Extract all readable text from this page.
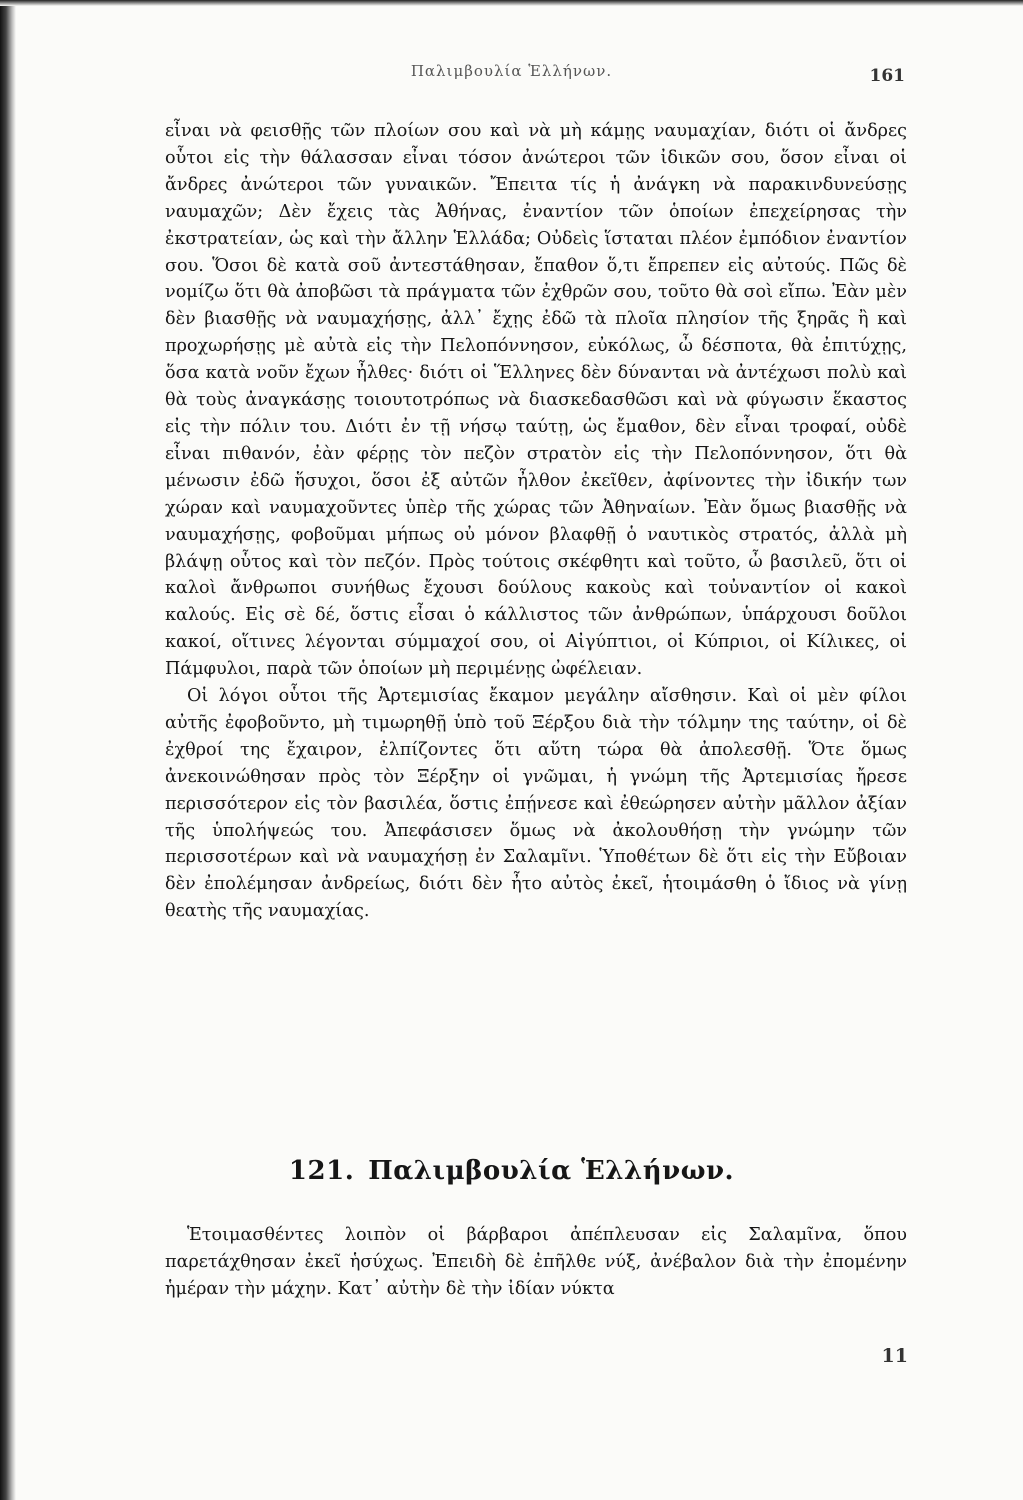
Παλιμβουλία Ἑλλήνων.	161

εἶναι νὰ φεισθῇς τῶν πλοίων σου καὶ νὰ μὴ κάμῃς ναυμαχίαν, διότι οἱ ἄνδρες οὗτοι εἰς τὴν θάλασσαν εἶναι τόσον ἀνώτεροι τῶν ἰδικῶν σου, ὅσον εἶναι οἱ ἄνδρες ἀνώτεροι τῶν γυναικῶν. Ἔπειτα τίς ἡ ἀνάγκη νὰ παρακινδυνεύσῃς ναυμαχῶν; Δὲν ἔχεις τὰς Ἀθήνας, ἐναντίον τῶν ὁποίων ἐπεχείρησας τὴν ἐκστρατείαν, ὡς καὶ τὴν ἄλλην Ἑλλάδα; Οὐδεὶς ἵσταται πλέον ἐμπόδιον ἐναντίον σου. Ὅσοι δὲ κατὰ σοῦ ἀντεστάθησαν, ἔπαθον ὅ,τι ἔπρεπεν εἰς αὐτούς. Πῶς δὲ νομίζω ὅτι θὰ ἀποβῶσι τὰ πράγματα τῶν ἐχθρῶν σου, τοῦτο θὰ σοὶ εἴπω. Ἐὰν μὲν δὲν βιασθῇς νὰ ναυμαχήσῃς, ἀλλ᾽ ἔχῃς ἐδῶ τὰ πλοῖα πλησίον τῆς ξηρᾶς ἢ καὶ προχωρήσῃς μὲ αὐτὰ εἰς τὴν Πελοπόννησον, εὐκόλως, ὦ δέσποτα, θὰ ἐπιτύχῃς, ὅσα κατὰ νοῦν ἔχων ἦλθες· διότι οἱ Ἕλληνες δὲν δύνανται νὰ ἀντέχωσι πολὺ καὶ θὰ τοὺς ἀναγκάσῃς τοιουτοτρόπως νὰ διασκεδασθῶσι καὶ νὰ φύγωσιν ἕκαστος εἰς τὴν πόλιν του. Διότι ἐν τῇ νήσῳ ταύτῃ, ὡς ἔμαθον, δὲν εἶναι τροφαί, οὐδὲ εἶναι πιθανόν, ἐὰν φέρῃς τὸν πεζὸν στρατὸν εἰς τὴν Πελοπόννησον, ὅτι θὰ μένωσιν ἐδῶ ἥσυχοι, ὅσοι ἐξ αὐτῶν ἦλθον ἐκεῖθεν, ἀφίνοντες τὴν ἰδικήν των χώραν καὶ ναυμαχοῦντες ὑπὲρ τῆς χώρας τῶν Ἀθηναίων. Ἐὰν ὅμως βιασθῇς νὰ ναυμαχήσῃς, φοβοῦμαι μήπως οὐ μόνον βλαφθῇ ὁ ναυτικὸς στρατός, ἀλλὰ μὴ βλάψῃ οὗτος καὶ τὸν πεζόν. Πρὸς τούτοις σκέφθητι καὶ τοῦτο, ὦ βασιλεῦ, ὅτι οἱ καλοὶ ἄνθρωποι συνήθως ἔχουσι δούλους κακοὺς καὶ τοὐναντίον οἱ κακοὶ καλούς. Εἰς σὲ δέ, ὅστις εἶσαι ὁ κάλλιστος τῶν ἀνθρώπων, ὑπάρχουσι δοῦλοι κακοί, οἵτινες λέγονται σύμμαχοί σου, οἱ Αἰγύπτιοι, οἱ Κύπριοι, οἱ Κίλικες, οἱ Πάμφυλοι, παρὰ τῶν ὁποίων μὴ περιμένῃς ὠφέλειαν.

Οἱ λόγοι οὗτοι τῆς Ἀρτεμισίας ἔκαμον μεγάλην αἴσθησιν. Καὶ οἱ μὲν φίλοι αὐτῆς ἐφοβοῦντο, μὴ τιμωρηθῇ ὑπὸ τοῦ Ξέρξου διὰ τὴν τόλμην της ταύτην, οἱ δὲ ἐχθροί της ἔχαιρον, ἐλπίζοντες ὅτι αὕτη τώρα θὰ ἀπολεσθῇ. Ὅτε ὅμως ἀνεκοινώθησαν πρὸς τὸν Ξέρξην οἱ γνῶμαι, ἡ γνώμη τῆς Ἀρτεμισίας ἤρεσε περισσότερον εἰς τὸν βασιλέα, ὅστις ἐπῄνεσε καὶ ἐθεώρησεν αὐτὴν μᾶλλον ἀξίαν τῆς ὑπολήψεώς του. Ἀπεφάσισεν ὅμως νὰ ἀκολουθήσῃ τὴν γνώμην τῶν περισσοτέρων καὶ νὰ ναυμαχήσῃ ἐν Σαλαμῖνι. Ὑποθέτων δὲ ὅτι εἰς τὴν Εὔβοιαν δὲν ἐπολέμησαν ἀνδρείως, διότι δὲν ἦτο αὐτὸς ἐκεῖ, ἡτοιμάσθη ὁ ἴδιος νὰ γίνῃ θεατὴς τῆς ναυμαχίας.

121. Παλιμβουλία Ἑλλήνων.

Ἑτοιμασθέντες λοιπὸν οἱ βάρβαροι ἀπέπλευσαν εἰς Σαλαμῖνα, ὅπου παρετάχθησαν ἐκεῖ ἡσύχως. Ἐπειδὴ δὲ ἐπῆλθε νύξ, ἀνέβαλον διὰ τὴν ἐπομένην ἡμέραν τὴν μάχην. Κατ᾽ αὐτὴν δὲ τὴν ἰδίαν νύκτα

11
